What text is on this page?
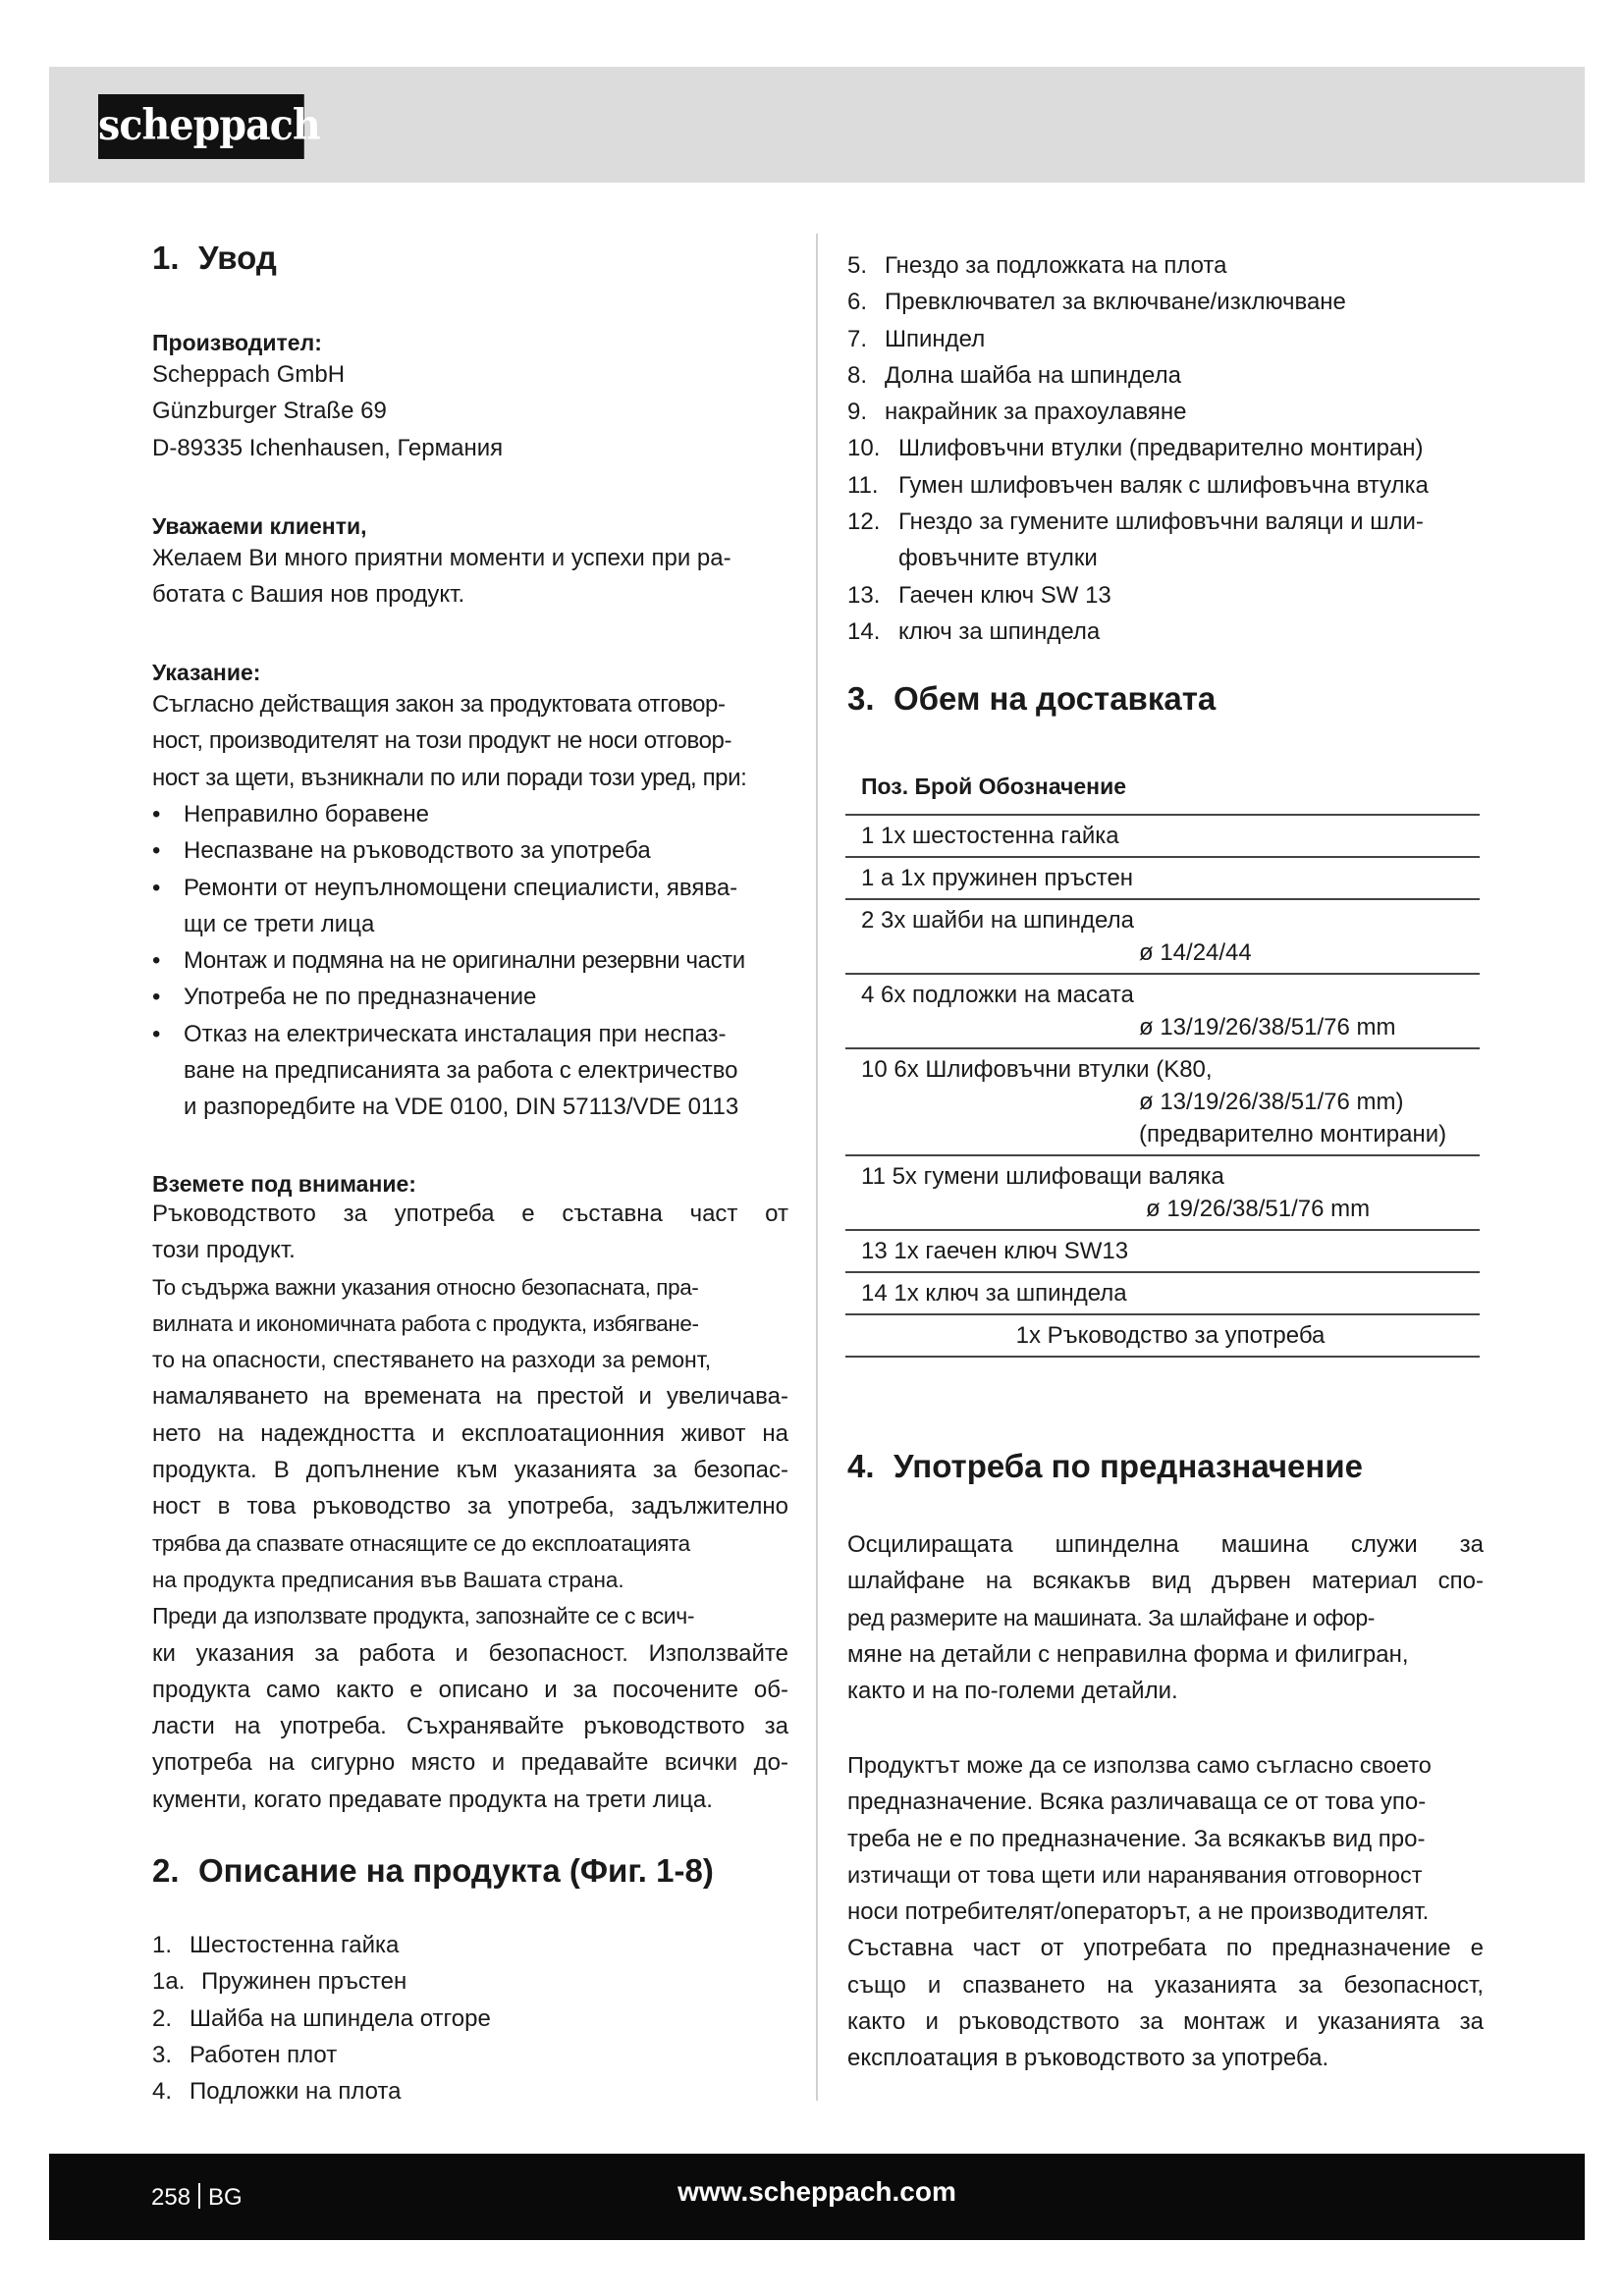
scheppach
1. Увод
Производител:
Scheppach GmbH
Günzburger Straße 69
D-89335 Ichenhausen, Германия
Уважаеми клиенти,
Желаем Ви много приятни моменти и успехи при ра-
ботата с Вашия нов продукт.
Указание:
Съгласно действащия закон за продуктовата отговор-
ност, производителят на този продукт не носи отговор-
ност за щети, възникнали по или поради този уред, при:
• Неправилно боравене
• Неспазване на ръководството за употреба
• Ремонти от неупълномощени специалисти, явява-
щи се трети лица
• Монтаж и подмяна на не оригинални резервни части
• Употреба не по предназначение
• Отказ на електрическата инсталация при неспаз-
ване на предписанията за работа с електричество
и разпоредбите на VDE 0100, DIN 57113/VDE 0113
Вземете под внимание:
Ръководството за употреба е съставна част от
този продукт.
То съдържа важни указания относно безопасната, пра-
вилната и икономичната работа с продукта, избягване-
то на опасности, спестяването на разходи за ремонт,
намаляването на времената на престой и увеличава-
нето на надеждността и експлоатационния живот на
продукта. В допълнение към указанията за безопас-
ност в това ръководство за употреба, задължително
трябва да спазвате отнасящите се до експлоатацията
на продукта предписания във Вашата страна.
Преди да използвате продукта, запознайте се с всич-
ки указания за работа и безопасност. Използвайте
продукта само както е описано и за посочените об-
ласти на употреба. Съхранявайте ръководството за
употреба на сигурно място и предавайте всички до-
кументи, когато предавате продукта на трети лица.
2. Описание на продукта (Фиг. 1-8)
1. Шестостенна гайка
1а. Пружинен пръстен
2. Шайба на шпиндела отгоре
3. Работен плот
4. Подложки на плота
5. Гнездо за подложката на плота
6. Превключвател за включване/изключване
7. Шпиндел
8. Долна шайба на шпиндела
9. накрайник за прахоулавяне
10. Шлифовъчни втулки (предварително монтиран)
11. Гумен шлифовъчен валяк с шлифовъчна втулка
12. Гнездо за гумените шлифовъчни валяци и шли-
фовъчните втулки
13. Гаечен ключ SW 13
14. ключ за шпиндела
3. Обем на доставката
4. Употреба по предназначение
Осцилиращата шпинделна машина служи за
шлайфане на всякакъв вид дървен материал спо-
ред размерите на машината. За шлайфане и офор-
мяне на детайли с неправилна форма и филигран,
както и на по-големи детайли.
Продуктът може да се използва само съгласно своето
предназначение. Всяка различаваща се от това упо-
треба не е по предназначение. За всякакъв вид про-
изтичащи от това щети или наранявания отговорност
носи потребителят/операторът, а не производителят.
Съставна част от употребата по предназначение е
също и спазването на указанията за безопасност,
както и ръководството за монтаж и указанията за
експлоатация в ръководството за употреба.
Поз. Брой Обозначение
1 1х шестостенна гайка
1 а 1х пружинен пръстен
2 3х шайби на шпиндела
ø 14/24/44
4 6х подложки на масата
ø 13/19/26/38/51/76 mm
10 6х Шлифовъчни втулки (K80,
ø 13/19/26/38/51/76 mm)
(предварително монтирани)
11 5х гумени шлифоващи валяка
ø 19/26/38/51/76 mm
13 1х гаечен ключ SW13
14 1х ключ за шпиндела
1х Ръководство за употреба
258 BG	www.scheppach.com
